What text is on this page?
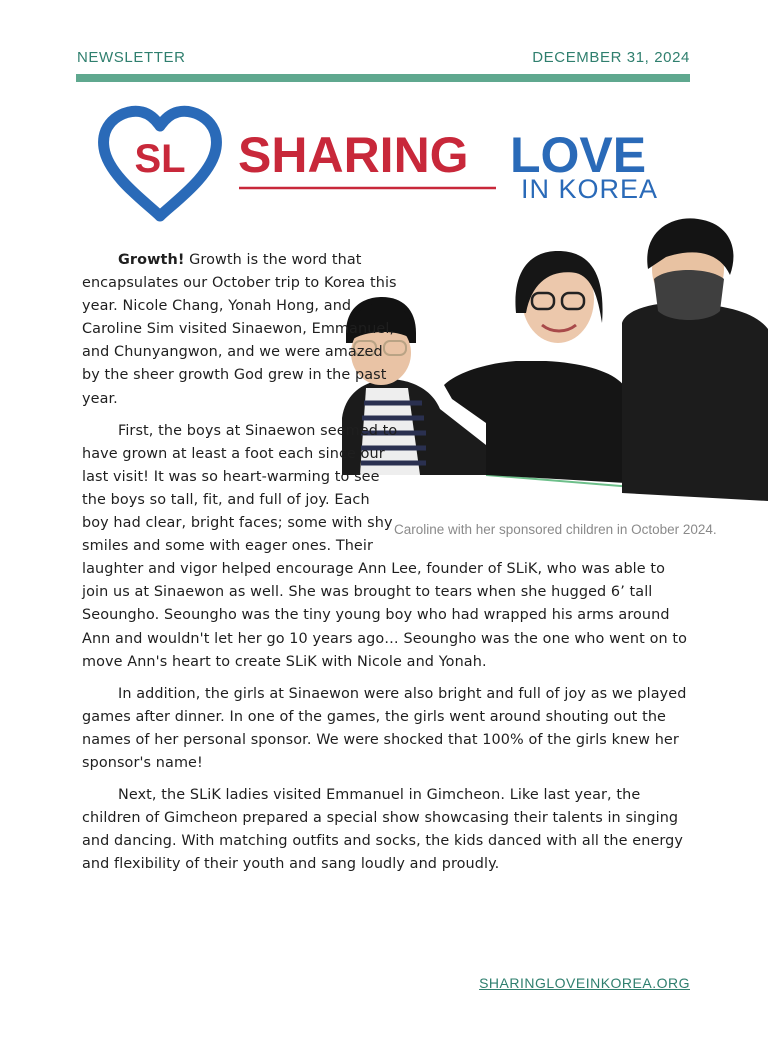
NEWSLETTER	DECEMBER 31, 2024
SL SHARING LOVE
IN KOREA
Caroline with her sponsored children in October 2024.

Growth! Growth is the word that encapsulates our October trip to Korea this year. Nicole Chang, Yonah Hong, and Caroline Sim visited Sinaewon, Emmanuel, and Chunyangwon, and we were amazed by the sheer growth God grew in the past year.

First, the boys at Sinaewon seemed to have grown at least a foot each since our last visit! It was so heart-warming to see the boys so tall, fit, and full of joy. Each boy had clear, bright faces; some with shy smiles and some with eager ones. Their laughter and vigor helped encourage Ann Lee, founder of SLiK, who was able to join us at Sinaewon as well. She was brought to tears when she hugged 6’ tall Seoungho. Seoungho was the tiny young boy who had wrapped his arms around Ann and wouldn't let her go 10 years ago… Seoungho was the one who went on to move Ann's heart to create SLiK with Nicole and Yonah.

In addition, the girls at Sinaewon were also bright and full of joy as we played games after dinner. In one of the games, the girls went around shouting out the names of her personal sponsor. We were shocked that 100% of the girls knew her sponsor's name!

Next, the SLiK ladies visited Emmanuel in Gimcheon. Like last year, the children of Gimcheon prepared a special show showcasing their talents in singing and dancing. With matching outfits and socks, the kids danced with all the energy and flexibility of their youth and sang loudly and proudly.

SHARINGLOVEINKOREA.ORG
